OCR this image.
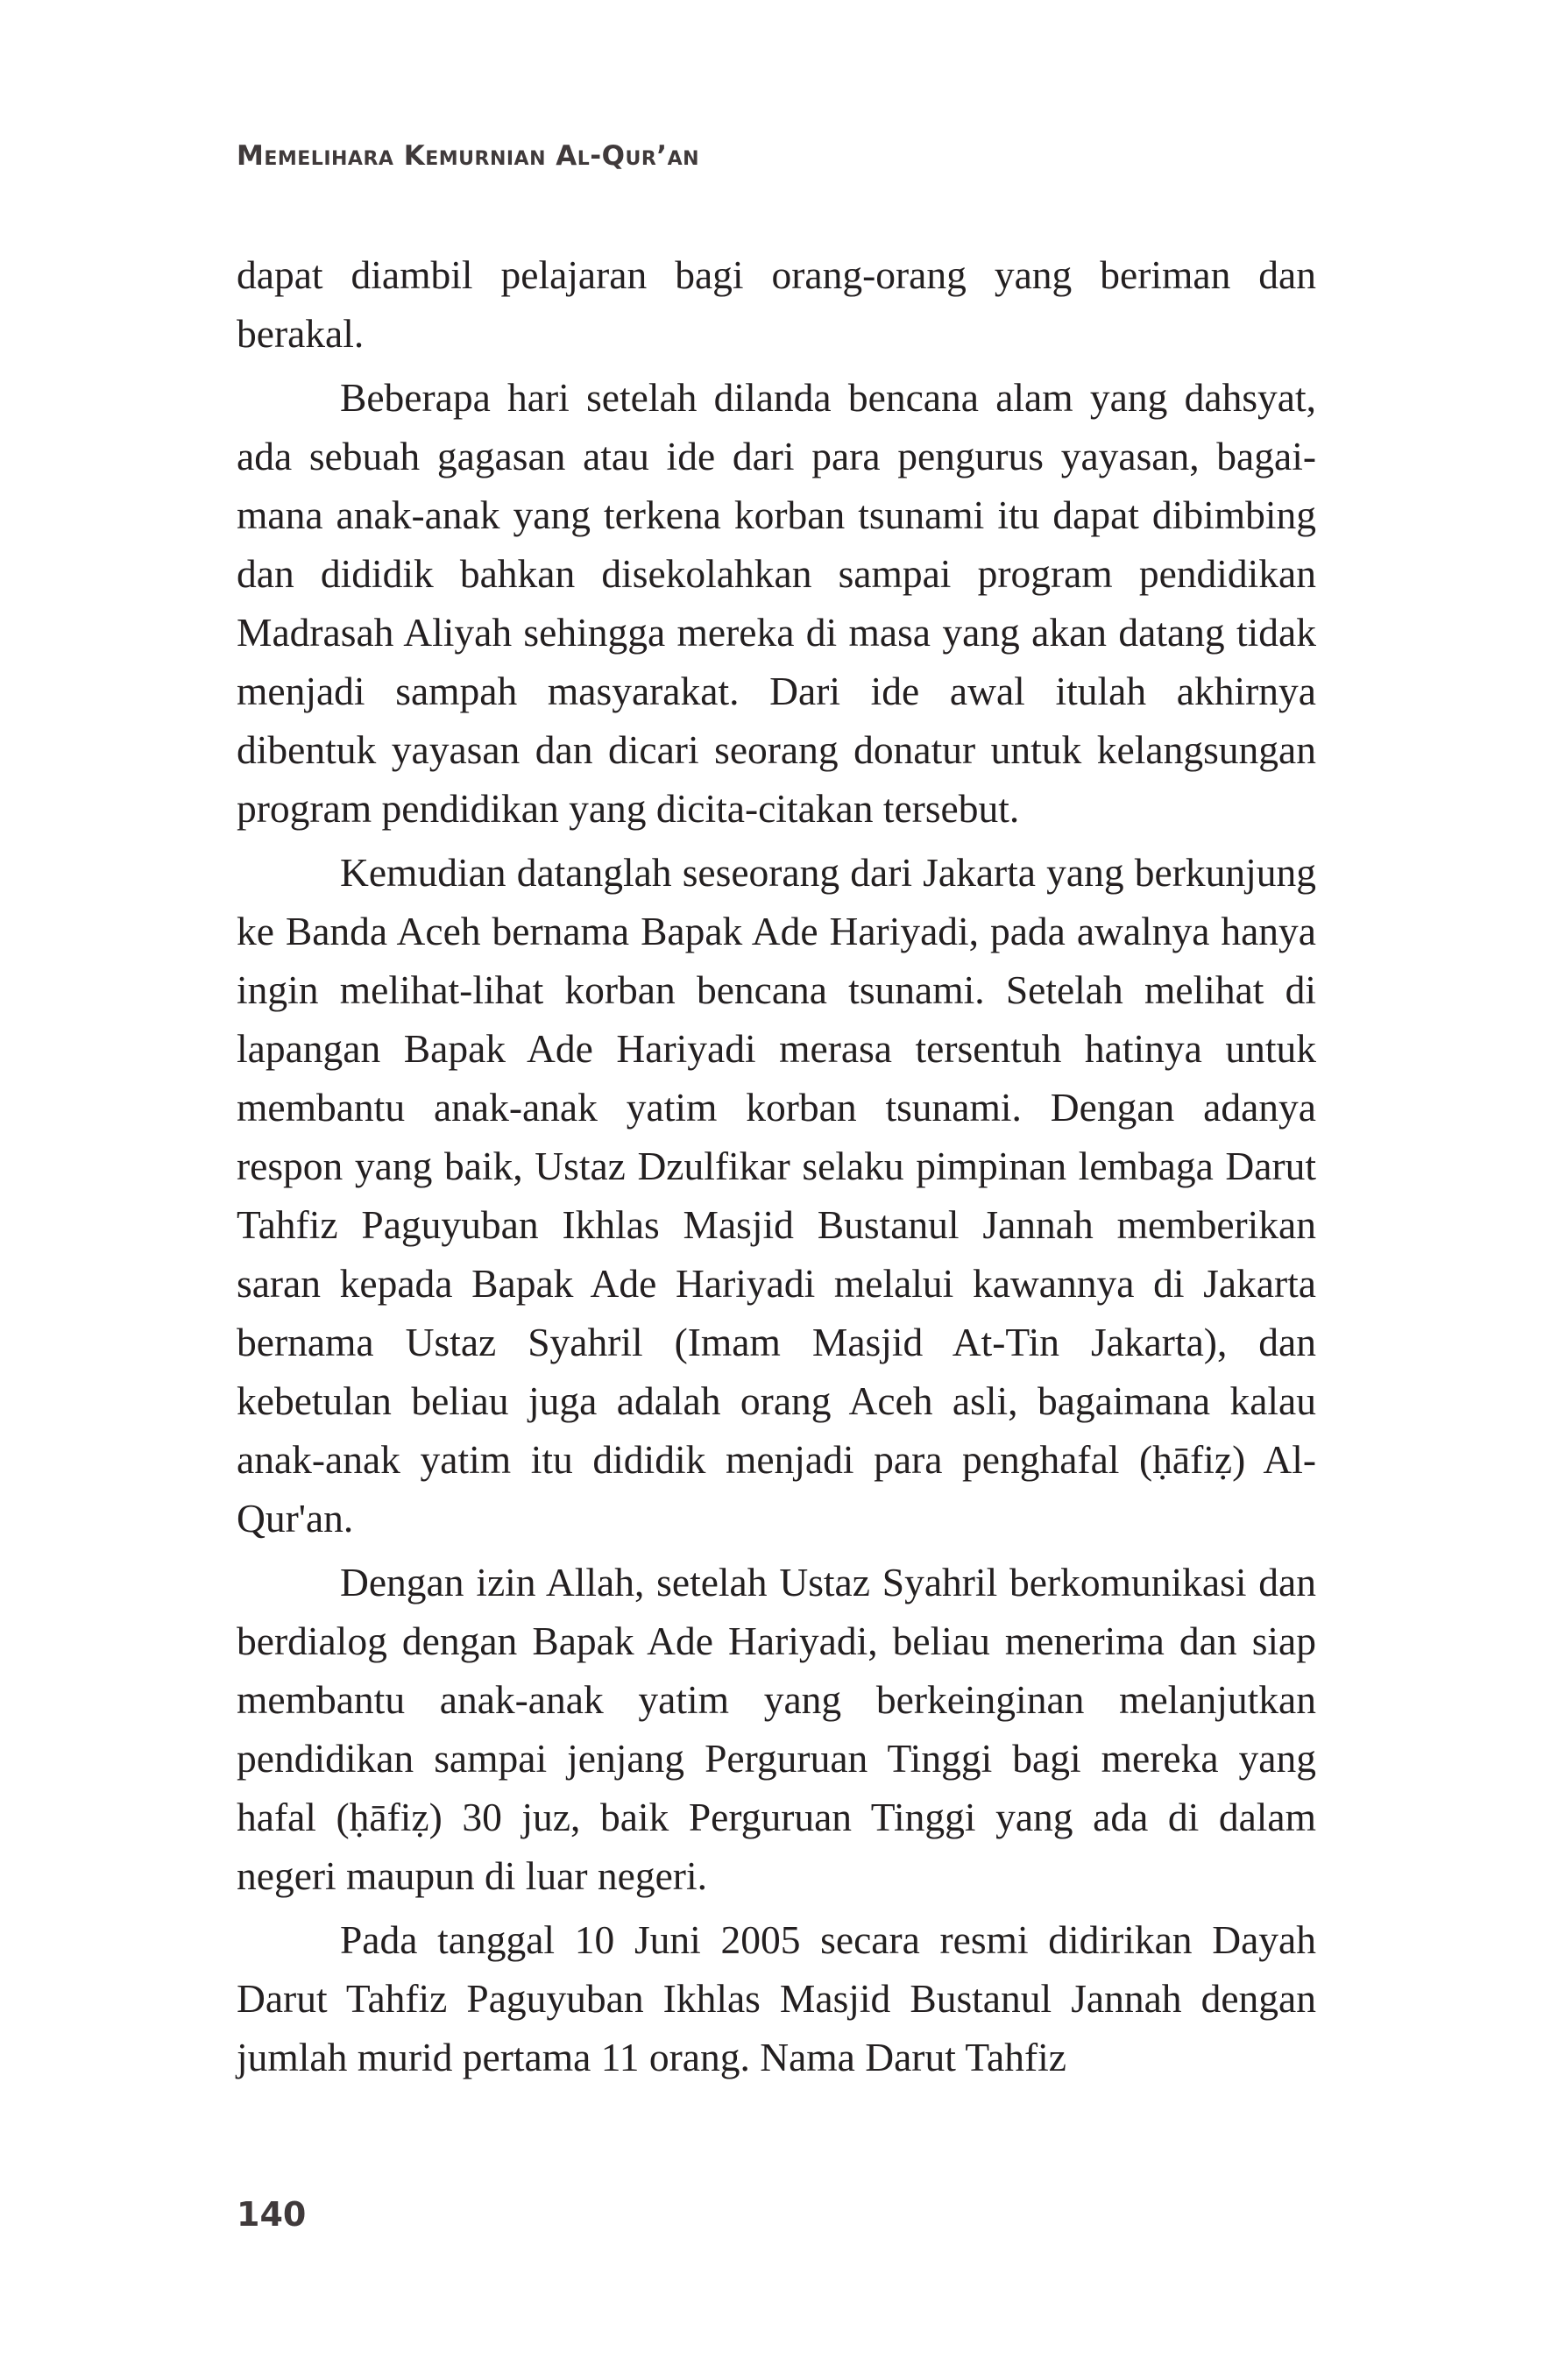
Memelihara Kemurnian Al-Qur’an

dapat diambil pelajaran bagi orang-orang yang beriman dan berakal.

Beberapa hari setelah dilanda bencana alam yang dahsyat, ada sebuah gagasan atau ide dari para pengurus yayasan, bagaimana anak-anak yang terkena korban tsunami itu dapat dibimbing dan dididik bahkan disekolahkan sampai program pendidikan Madrasah Aliyah sehingga mereka di masa yang akan datang tidak menjadi sampah masyarakat. Dari ide awal itulah akhirnya dibentuk yayasan dan dicari seorang donatur untuk kelangsungan program pendidikan yang dicita-citakan tersebut.

Kemudian datanglah seseorang dari Jakarta yang berkunjung ke Banda Aceh bernama Bapak Ade Hariyadi, pada awalnya hanya ingin melihat-lihat korban bencana tsunami. Setelah melihat di lapangan Bapak Ade Hariyadi merasa tersentuh hatinya untuk membantu anak-anak yatim korban tsunami. Dengan adanya respon yang baik, Ustaz Dzulfikar selaku pimpinan lembaga Darut Tahfiz Paguyuban Ikhlas Masjid Bustanul Jannah memberikan saran kepada Bapak Ade Hariyadi melalui kawannya di Jakarta bernama Ustaz Syahril (Imam Masjid At-Tin Jakarta), dan kebetulan beliau juga adalah orang Aceh asli, bagaimana kalau anak-anak yatim itu dididik menjadi para penghafal (ḥāfiẓ) Al-Qur'an.

Dengan izin Allah, setelah Ustaz Syahril berkomunikasi dan berdialog dengan Bapak Ade Hariyadi, beliau menerima dan siap membantu anak-anak yatim yang berkeinginan melanjutkan pendidikan sampai jenjang Perguruan Tinggi bagi mereka yang hafal (ḥāfiẓ) 30 juz, baik Perguruan Tinggi yang ada di dalam negeri maupun di luar negeri.

Pada tanggal 10 Juni 2005 secara resmi didirikan Dayah Darut Tahfiz Paguyuban Ikhlas Masjid Bustanul Jannah dengan jumlah murid pertama 11 orang. Nama Darut Tahfiz

140
